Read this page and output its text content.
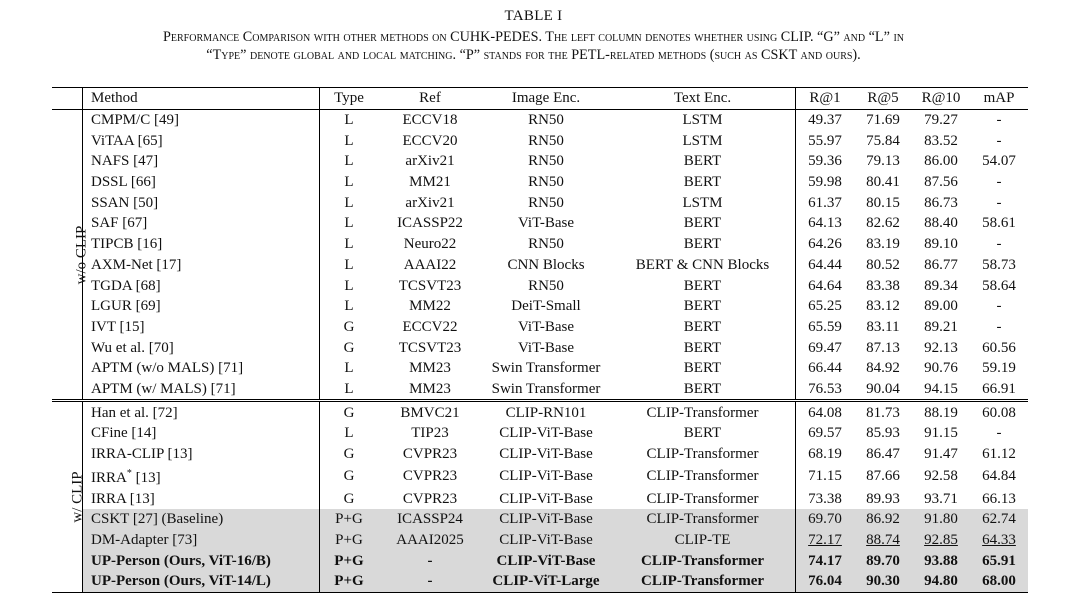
TABLE I
Performance Comparison with other methods on CUHK-PEDES. The left column denotes whether using CLIP. “G” and “L” in
“Type” denote global and local matching. “P” stands for the PETL-related methods (such as CSKT and ours).
	Method	Type	Ref	Image Enc.	Text Enc.	R@1	R@5	R@10	mAP
w/o CLIP	CMPM/C [49]	L	ECCV18	RN50	LSTM	49.37	71.69	79.27	-
	ViTAA [65]	L	ECCV20	RN50	LSTM	55.97	75.84	83.52	-
	NAFS [47]	L	arXiv21	RN50	BERT	59.36	79.13	86.00	54.07
	DSSL [66]	L	MM21	RN50	BERT	59.98	80.41	87.56	-
	SSAN [50]	L	arXiv21	RN50	LSTM	61.37	80.15	86.73	-
	SAF [67]	L	ICASSP22	ViT-Base	BERT	64.13	82.62	88.40	58.61
	TIPCB [16]	L	Neuro22	RN50	BERT	64.26	83.19	89.10	-
	AXM-Net [17]	L	AAAI22	CNN Blocks	BERT & CNN Blocks	64.44	80.52	86.77	58.73
	TGDA [68]	L	TCSVT23	RN50	BERT	64.64	83.38	89.34	58.64
	LGUR [69]	L	MM22	DeiT-Small	BERT	65.25	83.12	89.00	-
	IVT [15]	G	ECCV22	ViT-Base	BERT	65.59	83.11	89.21	-
	Wu et al. [70]	G	TCSVT23	ViT-Base	BERT	69.47	87.13	92.13	60.56
	APTM (w/o MALS) [71]	L	MM23	Swin Transformer	BERT	66.44	84.92	90.76	59.19
	APTM (w/ MALS) [71]	L	MM23	Swin Transformer	BERT	76.53	90.04	94.15	66.91
w/ CLIP	Han et al. [72]	G	BMVC21	CLIP-RN101	CLIP-Transformer	64.08	81.73	88.19	60.08
	CFine [14]	L	TIP23	CLIP-ViT-Base	BERT	69.57	85.93	91.15	-
	IRRA-CLIP [13]	G	CVPR23	CLIP-ViT-Base	CLIP-Transformer	68.19	86.47	91.47	61.12
	IRRA* [13]	G	CVPR23	CLIP-ViT-Base	CLIP-Transformer	71.15	87.66	92.58	64.84
	IRRA [13]	G	CVPR23	CLIP-ViT-Base	CLIP-Transformer	73.38	89.93	93.71	66.13
	CSKT [27] (Baseline)	P+G	ICASSP24	CLIP-ViT-Base	CLIP-Transformer	69.70	86.92	91.80	62.74
	DM-Adapter [73]	P+G	AAAI2025	CLIP-ViT-Base	CLIP-TE	72.17	88.74	92.85	64.33
	UP-Person (Ours, ViT-16/B)	P+G	-	CLIP-ViT-Base	CLIP-Transformer	74.17	89.70	93.88	65.91
	UP-Person (Ours, ViT-14/L)	P+G	-	CLIP-ViT-Large	CLIP-Transformer	76.04	90.30	94.80	68.00
